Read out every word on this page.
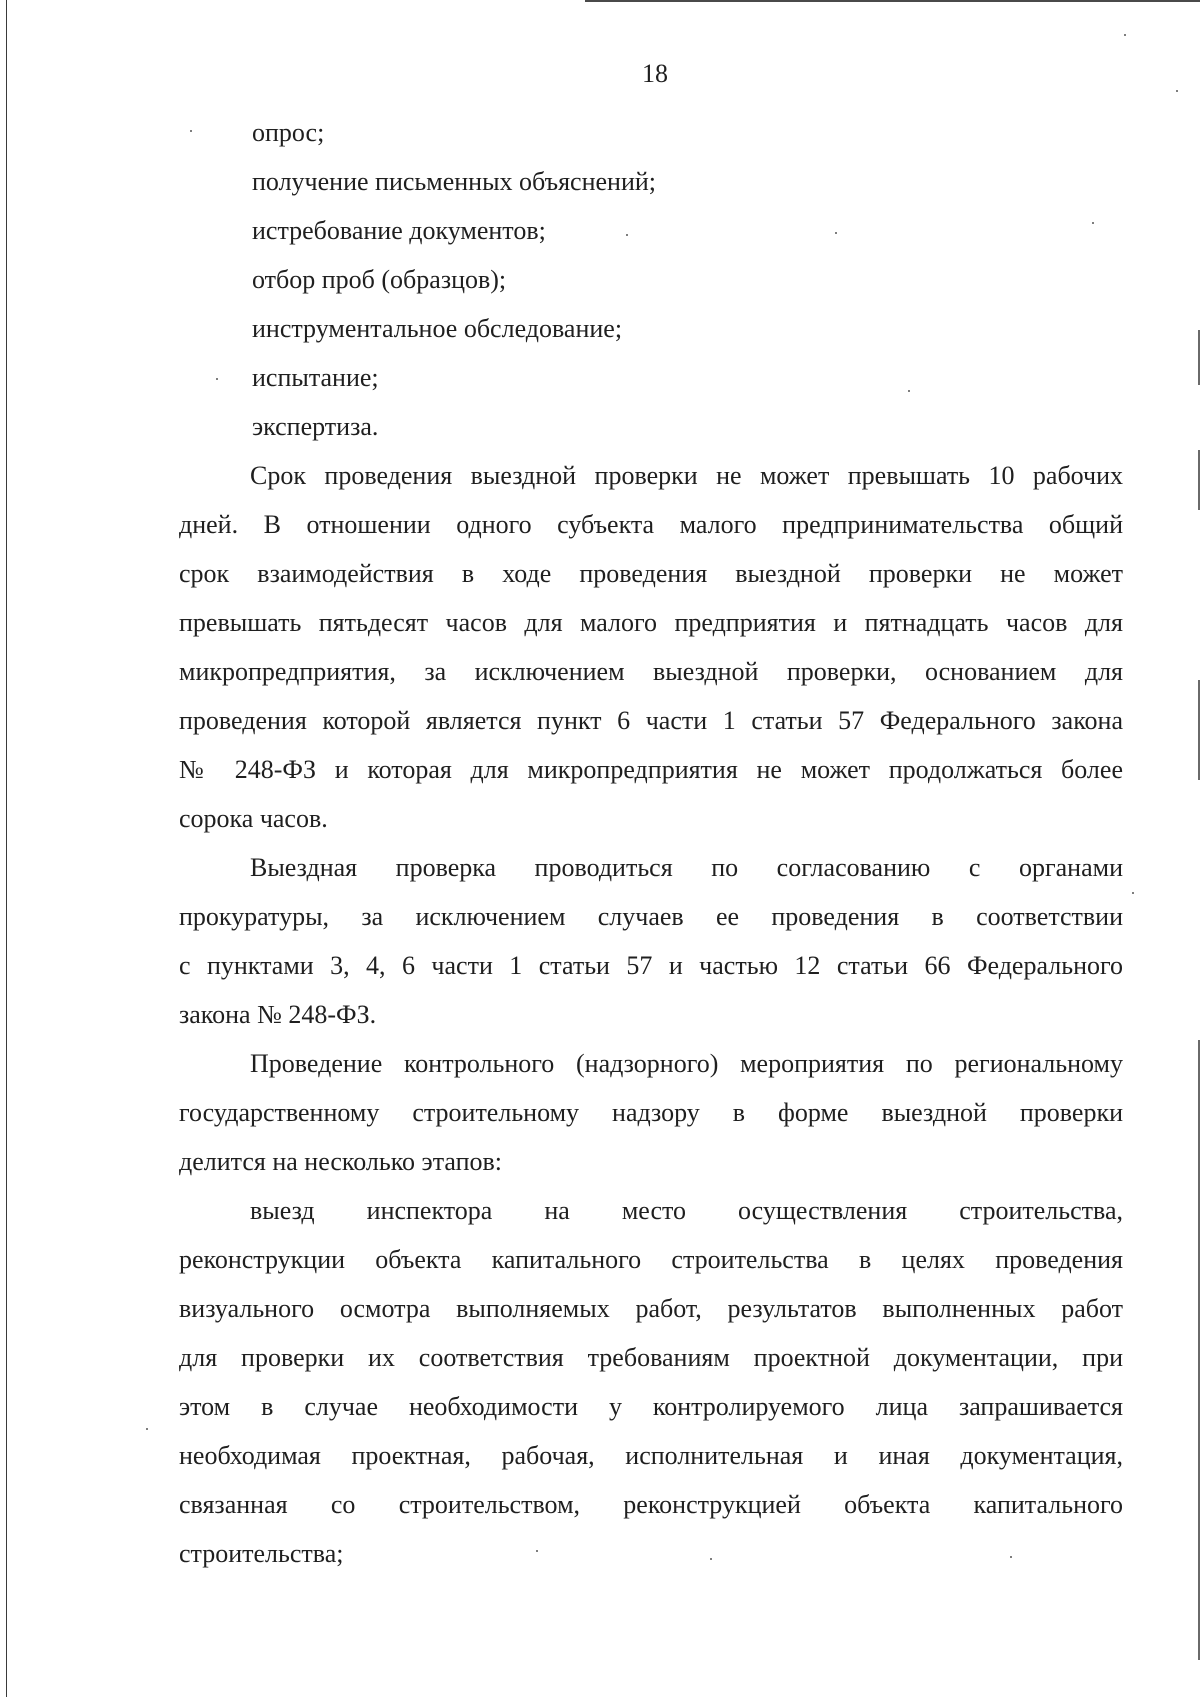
18
опрос;
получение письменных объяснений;
истребование документов;
отбор проб (образцов);
инструментальное обследование;
испытание;
экспертиза.
Срок проведения выездной проверки не может превышать 10 рабочих
дней. В отношении одного субъекта малого предпринимательства общий
срок взаимодействия в ходе проведения выездной проверки не может
превышать пятьдесят часов для малого предприятия и пятнадцать часов для
микропредприятия, за исключением выездной проверки, основанием для
проведения которой является пункт 6 части 1 статьи 57 Федерального закона
№ 248-ФЗ и которая для микропредприятия не может продолжаться более
сорока часов.
Выездная проверка проводиться по согласованию с органами
прокуратуры, за исключением случаев ее проведения в соответствии
с пунктами 3, 4, 6 части 1 статьи 57 и частью 12 статьи 66 Федерального
закона № 248-ФЗ.
Проведение контрольного (надзорного) мероприятия по региональному
государственному строительному надзору в форме выездной проверки
делится на несколько этапов:
выезд инспектора на место осуществления строительства,
реконструкции объекта капитального строительства в целях проведения
визуального осмотра выполняемых работ, результатов выполненных работ
для проверки их соответствия требованиям проектной документации, при
этом в случае необходимости у контролируемого лица запрашивается
необходимая проектная, рабочая, исполнительная и иная документация,
связанная со строительством, реконструкцией объекта капитального
строительства;
